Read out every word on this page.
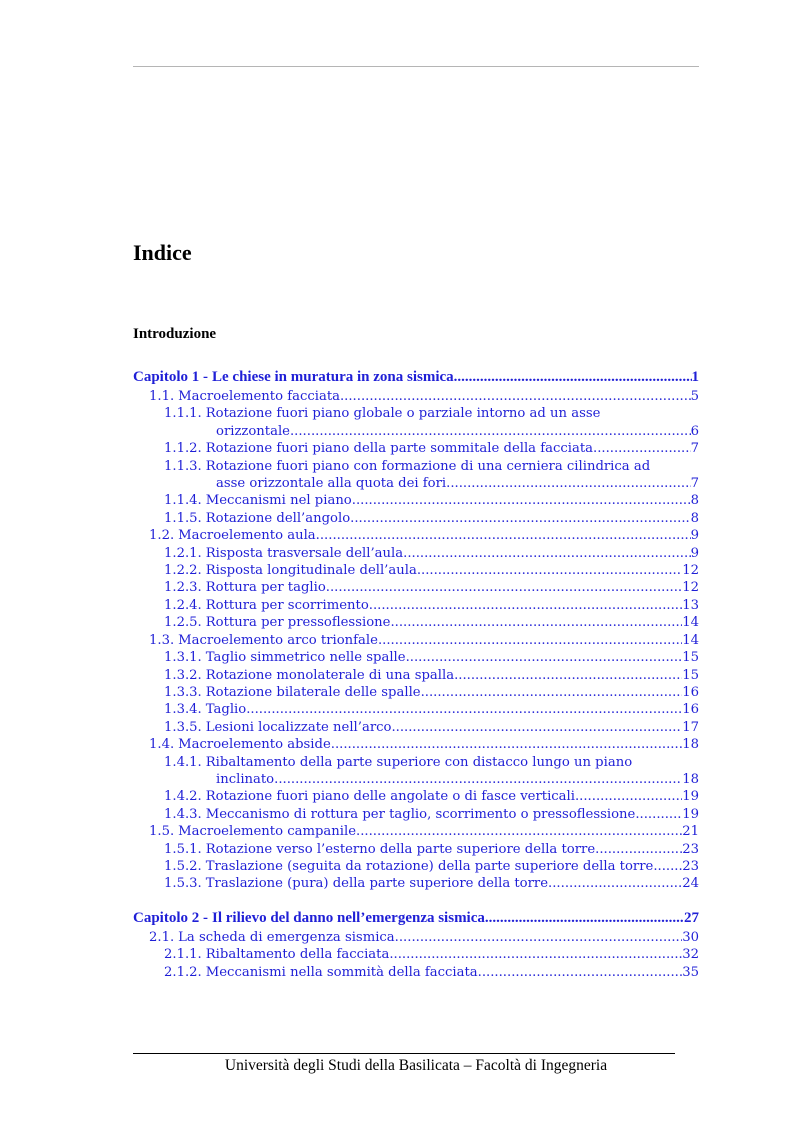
Indice
Introduzione
Capitolo 1 - Le chiese in muratura in zona sismica .....	1
1.1. Macroelemento facciata .....	5
1.1.1. Rotazione fuori piano globale o parziale intorno ad un asse
orizzontale .....	6
1.1.2. Rotazione fuori piano della parte sommitale della facciata. .....	7
1.1.3. Rotazione fuori piano con formazione di una cerniera cilindrica ad
asse orizzontale alla quota dei fori. .....	7
1.1.4. Meccanismi nel piano .....	8
1.1.5. Rotazione dell’angolo .....	8
1.2. Macroelemento aula .....	9
1.2.1. Risposta trasversale dell’aula .....	9
1.2.2. Risposta longitudinale dell’aula .....	12
1.2.3. Rottura per taglio .....	12
1.2.4. Rottura per scorrimento .....	13
1.2.5. Rottura per pressoflessione .....	14
1.3. Macroelemento arco trionfale .....	14
1.3.1. Taglio simmetrico nelle spalle .....	15
1.3.2. Rotazione monolaterale di una spalla .....	15
1.3.3. Rotazione bilaterale delle spalle .....	16
1.3.4. Taglio .....	16
1.3.5. Lesioni localizzate nell’arco .....	17
1.4. Macroelemento abside .....	18
1.4.1. Ribaltamento della parte superiore con distacco lungo un piano
inclinato .....	18
1.4.2. Rotazione fuori piano delle angolate o di fasce verticali .....	19
1.4.3. Meccanismo di rottura per taglio, scorrimento o pressoflessione .....	19
1.5. Macroelemento campanile .....	21
1.5.1. Rotazione verso l’esterno della parte superiore della torre .....	23
1.5.2. Traslazione (seguita da rotazione) della parte superiore della torre ..... 23
1.5.3. Traslazione (pura) della parte superiore della torre .....	24
Capitolo 2 - Il rilievo del danno nell’emergenza sismica .....	27
2.1. La scheda di emergenza sismica .....	30
2.1.1. Ribaltamento della facciata .....	32
2.1.2. Meccanismi nella sommità della facciata .....	35
Università degli Studi della Basilicata – Facoltà di Ingegneria
